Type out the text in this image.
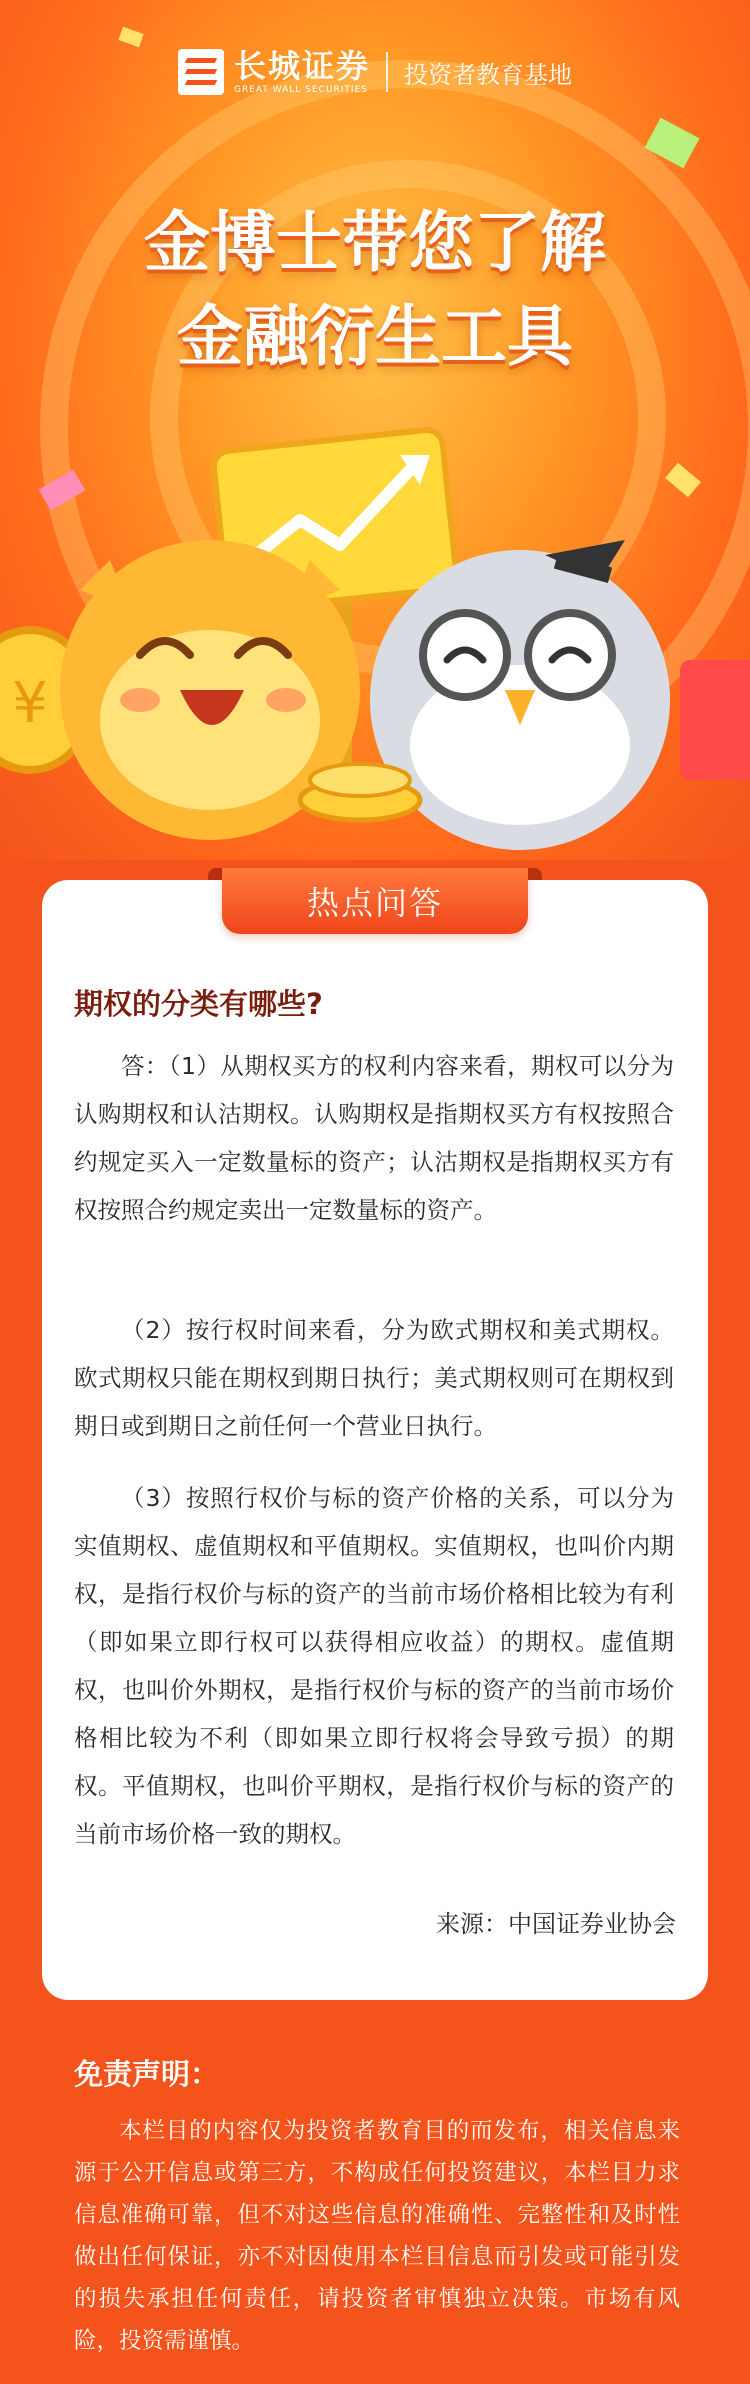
长城证券
GREAT WALL SECURITIES
投资者教育基地
金博士带您了解
金融衍生工具
¥
热点问答
期权的分类有哪些?

答：（1）从期权买方的权利内容来看，期权可以分为认购期权和认沽期权。认购期权是指期权买方有权按照合约规定买入一定数量标的资产；认沽期权是指期权买方有权按照合约规定卖出一定数量标的资产。

（2）按行权时间来看，分为欧式期权和美式期权。欧式期权只能在期权到期日执行；美式期权则可在期权到期日或到期日之前任何一个营业日执行。

（3）按照行权价与标的资产价格的关系，可以分为实值期权、虚值期权和平值期权。实值期权，也叫价内期权，是指行权价与标的资产的当前市场价格相比较为有利（即如果立即行权可以获得相应收益）的期权。虚值期权，也叫价外期权，是指行权价与标的资产的当前市场价格相比较为不利（即如果立即行权将会导致亏损）的期权。平值期权，也叫价平期权，是指行权价与标的资产的当前市场价格一致的期权。

来源：中国证券业协会
免责声明：

本栏目的内容仅为投资者教育目的而发布，相关信息来源于公开信息或第三方，不构成任何投资建议，本栏目力求信息准确可靠，但不对这些信息的准确性、完整性和及时性做出任何保证，亦不对因使用本栏目信息而引发或可能引发的损失承担任何责任，请投资者审慎独立决策。市场有风险，投资需谨慎。
